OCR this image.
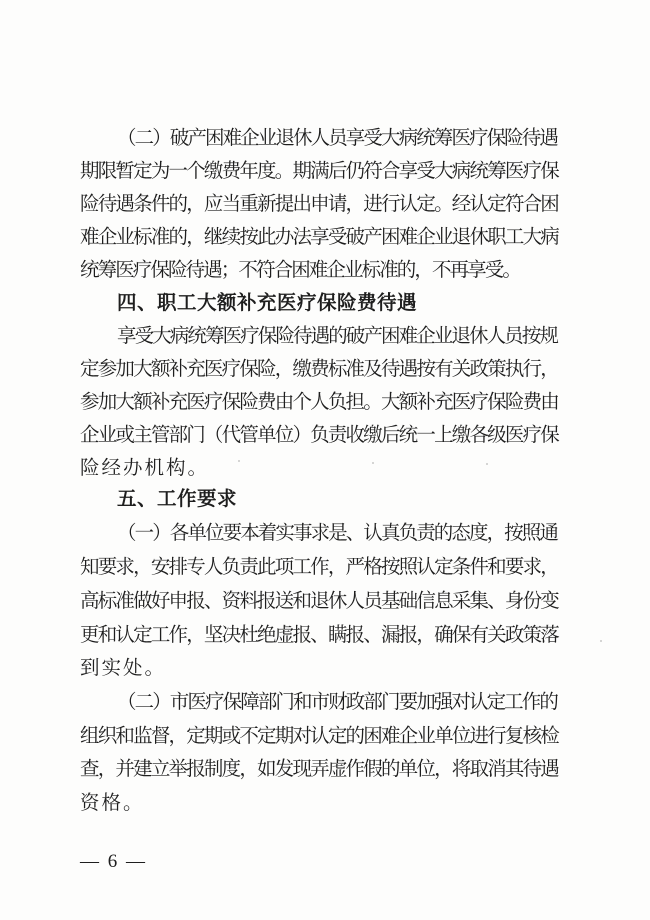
（二）破产困难企业退休人员享受大病统筹医疗保险待遇
期限暂定为一个缴费年度。期满后仍符合享受大病统筹医疗保
险待遇条件的，应当重新提出申请，进行认定。经认定符合困
难企业标准的，继续按此办法享受破产困难企业退休职工大病
统筹医疗保险待遇；不符合困难企业标准的，不再享受。
四、职工大额补充医疗保险费待遇
享受大病统筹医疗保险待遇的破产困难企业退休人员按规
定参加大额补充医疗保险，缴费标准及待遇按有关政策执行，
参加大额补充医疗保险费由个人负担。大额补充医疗保险费由
企业或主管部门（代管单位）负责收缴后统一上缴各级医疗保
险经办机构。
五、工作要求
（一）各单位要本着实事求是、认真负责的态度，按照通
知要求，安排专人负责此项工作，严格按照认定条件和要求，
高标准做好申报、资料报送和退休人员基础信息采集、身份变
更和认定工作，坚决杜绝虚报、瞒报、漏报，确保有关政策落
到实处。
（二）市医疗保障部门和市财政部门要加强对认定工作的
组织和监督，定期或不定期对认定的困难企业单位进行复核检
查，并建立举报制度，如发现弄虚作假的单位，将取消其待遇
资格。
— 6 —
